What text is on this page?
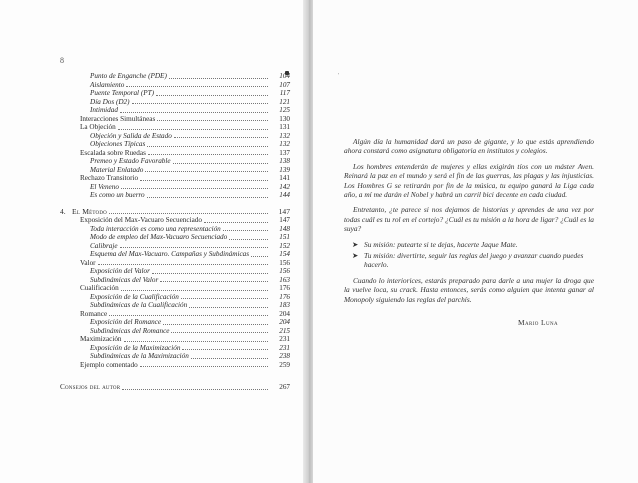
8
'
Punto de Enganche (PDE)	104
Aislamiento	107
Puente Temporal (PT)	117
Día Dos (D2)	121
Intimidad	125
Interacciones Simultáneas	130
La Objeción	131
Objeción y Salida de Estado	132
Objeciones Típicas	132
Escalada sobre Ruedas	137
Premeo y Estado Favorable	138
Material Enlatado	139
Rechazo Transitorio	141
El Veneno	142
Es como un buerro	144
4. El Método	147
Exposición del Max-Vacuaro Secuenciado	147
Toda interacción es como una representación	148
Modo de empleo del Max-Vacuaro Secuenciado	151
Calibraje	152
Esquema del Max-Vacuaro. Campañas y Subdinámicas	154
Valor	156
Exposición del Valor	156
Subdinámicas del Valor	163
Cualificación	176
Exposición de la Cualificación	176
Subdinámicas de la Cualificación	183
Romance	204
Exposición del Romance	204
Subdinámicas del Romance	215
Maximización	231
Exposición de la Maximización	231
Subdinámicas de la Maximización	238
Ejemplo comentado	259
Consejos del autor	267

Algún día la humanidad dará un paso de gigante, y lo que estás aprendiendo ahora constará como asignatura obligatoria en institutos y colegios.

Los hombres entenderán de mujeres y ellas exigirán tíos con un máster Aven. Reinará la paz en el mundo y será el fin de las guerras, las plagas y las injusticias. Los Hombres G se retirarán por fin de la música, tu equipo ganará la Liga cada año, a mí me darán el Nobel y habrá un carril bici decente en cada ciudad.

Entretanto, ¿te parece si nos dejamos de historias y aprendes de una vez por todas cuál es tu rol en el cortejo? ¿Cuál es tu misión a la hora de ligar? ¿Cuál es la suya?

➤ Su misión: putearte si te dejas, hacerte Jaque Mate.
➤ Tu misión: divertirte, seguir las reglas del juego y avanzar cuando puedes hacerlo.

Cuando lo interiorices, estarás preparado para darle a una mujer la droga que la vuelve loca, su crack. Hasta entonces, serás como alguien que intenta ganar al Monopoly siguiendo las reglas del parchís.

Mario Luna
